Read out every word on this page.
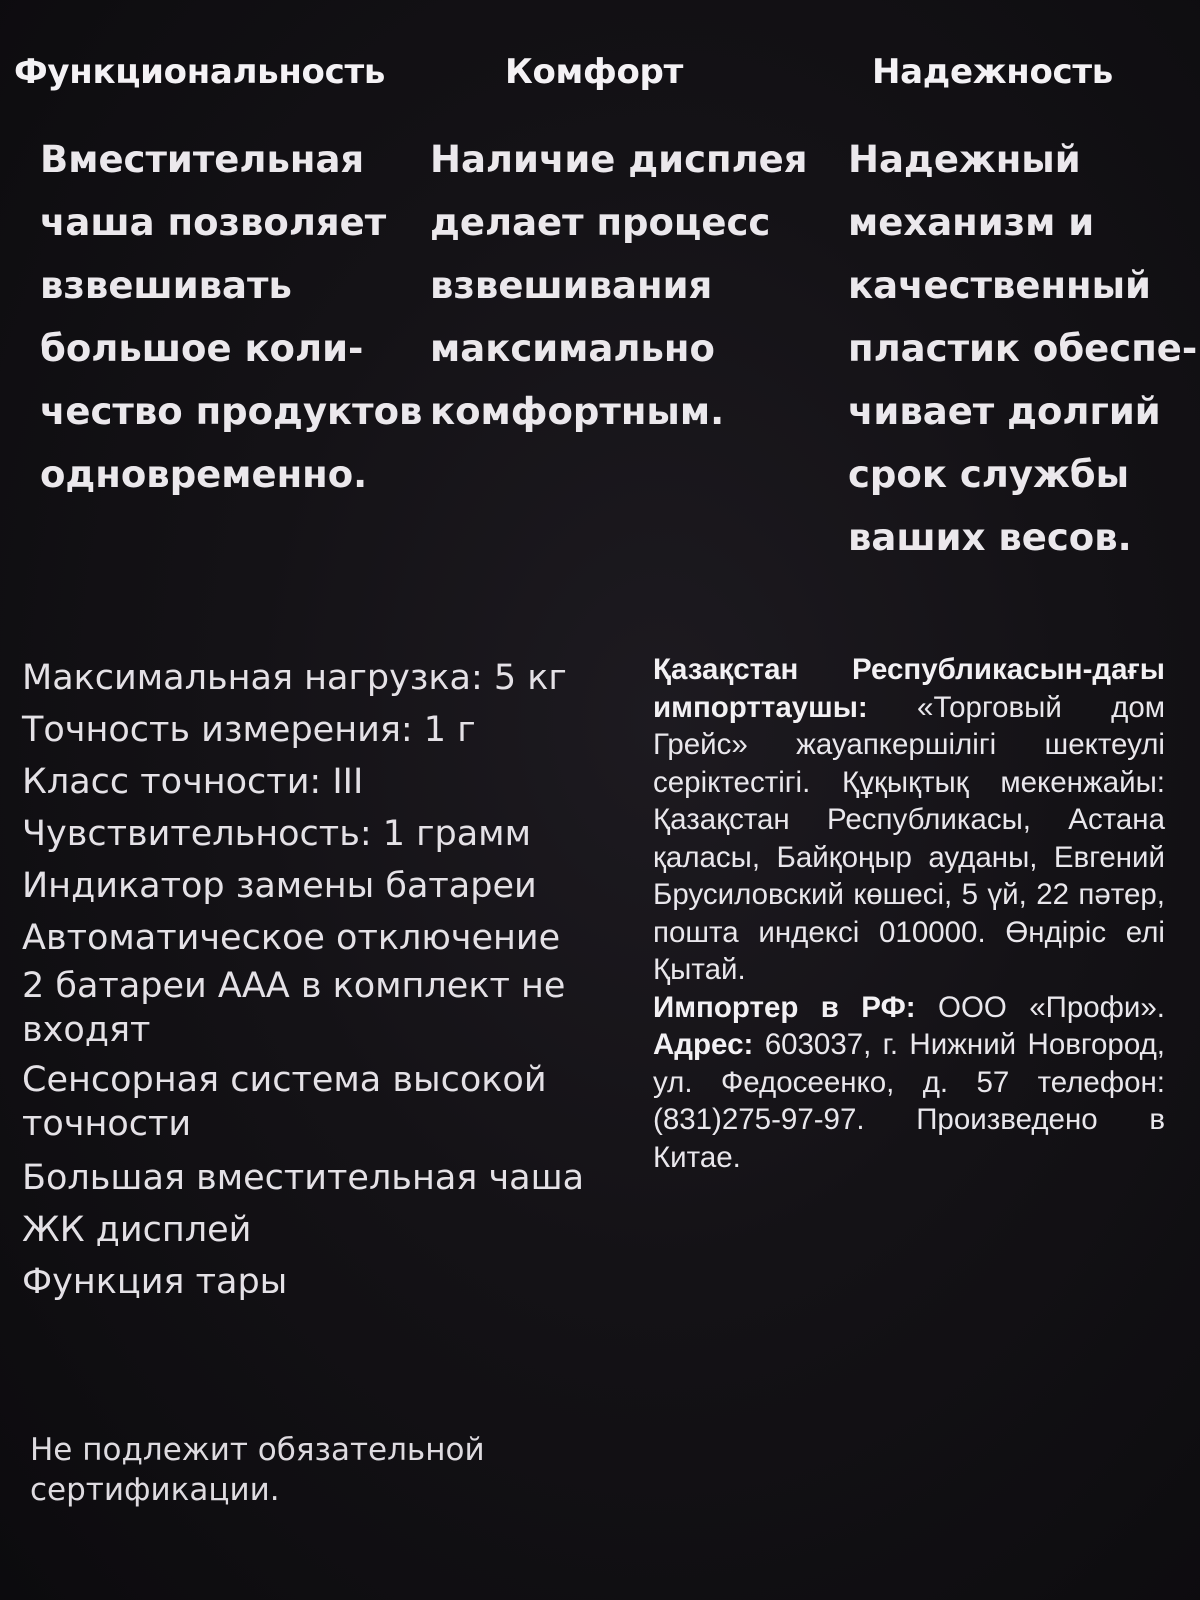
Функциональность	Комфорт	Надежность
Вместительная
чаша позволяет
взвешивать
большое коли-
чество продуктов
одновременно.
Наличие дисплея
делает процесс
взвешивания
максимально
комфортным.
Надежный
механизм и
качественный
пластик обеспе-
чивает долгий
срок службы
ваших весов.
Максимальная нагрузка: 5 кг
Точность измерения: 1 г
Класс точности: III
Чувствительность: 1 грамм
Индикатор замены батареи
Автоматическое отключение
2 батареи ААА в комплект не входят
Сенсорная система высокой точности
Большая вместительная чаша
ЖК дисплей
Функция тары

Қазақстан Республикасын-дағы импорттаушы: «Торговый дом Грейс» жауапкершілігі шектеулі серіктестігі. Құқықтық мекенжайы: Қазақстан Республикасы, Астана қаласы, Байқоңыр ауданы, Евгений Брусиловский көшесі, 5 үй, 22 пәтер, пошта индексі 010000. Өндіріс елі Қытай.

Импортер в РФ: ООО «Профи». Адрес: 603037, г. Нижний Новгород, ул. Федосеенко, д. 57 телефон: (831)275-97-97. Произведено в Китае.

Не подлежит обязательной
сертификации.
